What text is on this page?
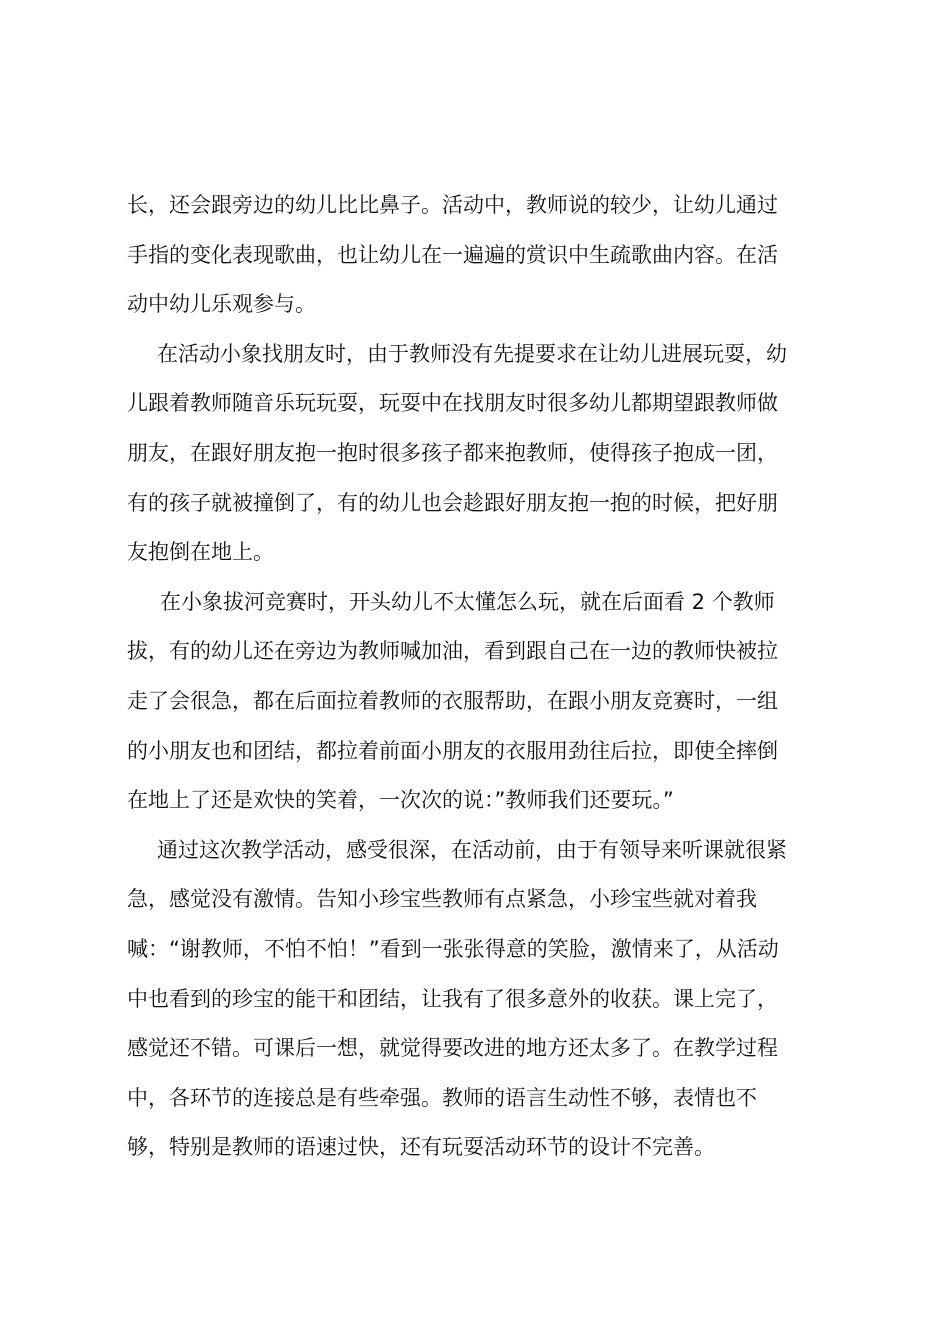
长，还会跟旁边的幼儿比比鼻子。活动中，教师说的较少，让幼儿通过
手指的变化表现歌曲，也让幼儿在一遍遍的赏识中生疏歌曲内容。在活
动中幼儿乐观参与。
在活动小象找朋友时，由于教师没有先提要求在让幼儿进展玩耍，幼
儿跟着教师随音乐玩玩耍，玩耍中在找朋友时很多幼儿都期望跟教师做
朋友，在跟好朋友抱一抱时很多孩子都来抱教师，使得孩子抱成一团，
有的孩子就被撞倒了，有的幼儿也会趁跟好朋友抱一抱的时候，把好朋
友抱倒在地上。
在小象拔河竞赛时，开头幼儿不太懂怎么玩，就在后面看 2 个教师
拔，有的幼儿还在旁边为教师喊加油，看到跟自己在一边的教师快被拉
走了会很急，都在后面拉着教师的衣服帮助，在跟小朋友竞赛时，一组
的小朋友也和团结，都拉着前面小朋友的衣服用劲往后拉，即使全摔倒
在地上了还是欢快的笑着，一次次的说：”教师我们还要玩。”
通过这次教学活动，感受很深，在活动前，由于有领导来听课就很紧
急，感觉没有激情。告知小珍宝些教师有点紧急，小珍宝些就对着我
喊：“谢教师，不怕不怕！”看到一张张得意的笑脸，激情来了，从活动
中也看到的珍宝的能干和团结，让我有了很多意外的收获。课上完了，
感觉还不错。可课后一想，就觉得要改进的地方还太多了。在教学过程
中，各环节的连接总是有些牵强。教师的语言生动性不够，表情也不
够，特别是教师的语速过快，还有玩耍活动环节的设计不完善。
